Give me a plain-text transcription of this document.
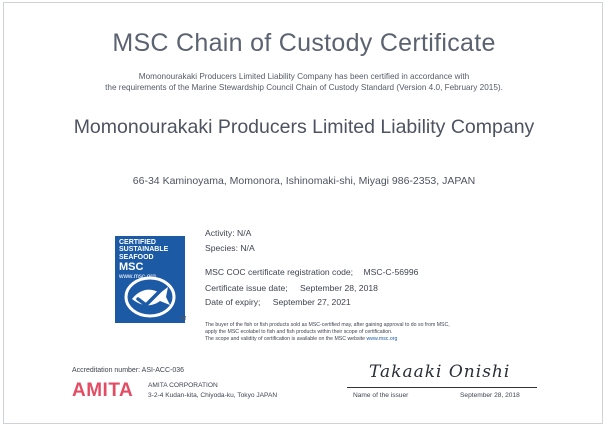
MSC Chain of Custody Certificate
Momonourakaki Producers Limited Liability Company has been certified in accordance with
the requirements of the Marine Stewardship Council Chain of Custody Standard (Version 4.0, February 2015).
Momonourakaki Producers Limited Liability Company
66-34 Kaminoyama, Momonora, Ishinomaki-shi, Miyagi 986-2353, JAPAN
CERTIFIED
SUSTAINABLE
SEAFOOD
MSC
www.msc.org
TM
Activity: N/A
Species: N/A
MSC COC certificate registration code; MSC-C-56996
Certificate issue date; September 28, 2018
Date of expiry; September 27, 2021
The buyer of the fish or fish products sold as MSC-certified may, after gaining approval to do so from MSC,
apply the MSC ecolabel to fish and fish products within their scope of certification.
The scope and validity of certification is available on the MSC website www.msc.org
Accreditation number: ASI-ACC-036
AMITA AMITA CORPORATION
3-2-4 Kudan-kita, Chiyoda-ku, Tokyo JAPAN
Takaaki Onishi
Name of the issuer	September 28, 2018
